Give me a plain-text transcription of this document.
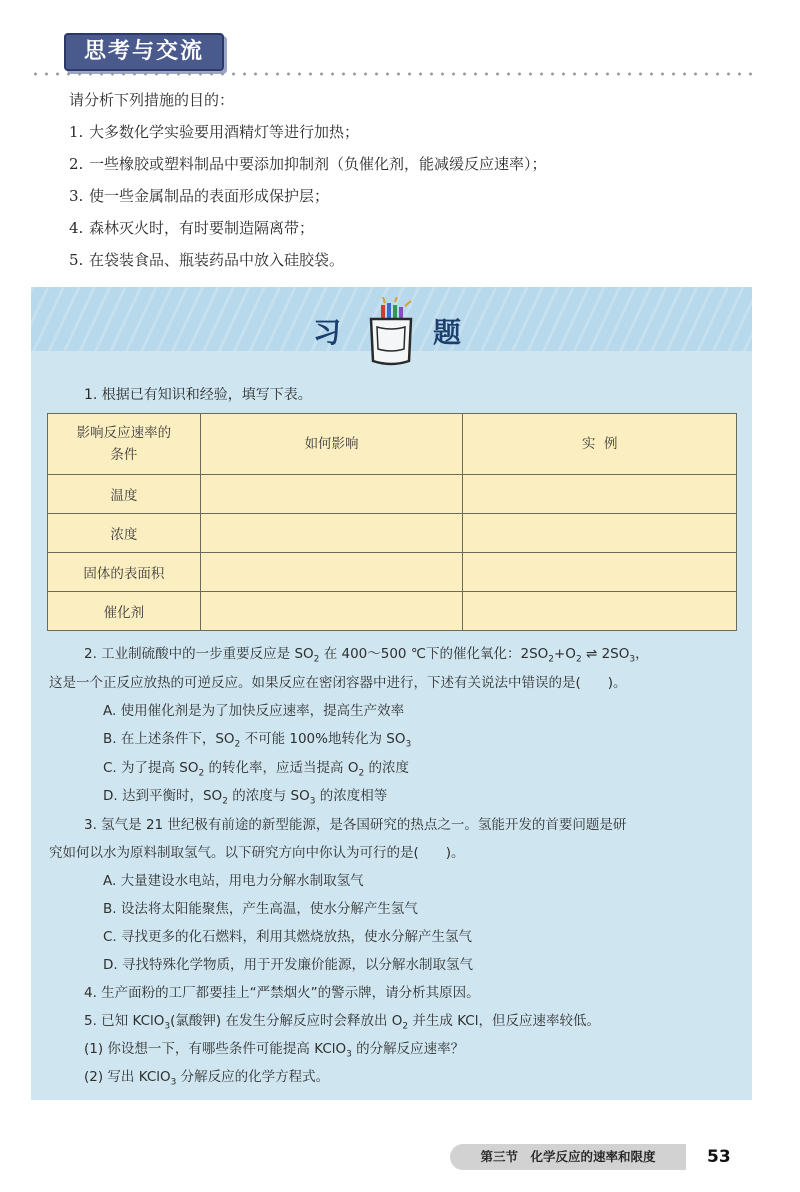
思考与交流
请分析下列措施的目的：
1. 大多数化学实验要用酒精灯等进行加热；
2. 一些橡胶或塑料制品中要添加抑制剂（负催化剂，能减缓反应速率）；
3. 使一些金属制品的表面形成保护层；
4. 森林灭火时，有时要制造隔离带；
5. 在袋装食品、瓶装药品中放入硅胶袋。
习	题
1. 根据已有知识和经验，填写下表。
影响反应速率的
条件	如何影响	实  例
温度		
浓度		
固体的表面积		
催化剂		
2. 工业制硫酸中的一步重要反应是 $SO_2$ 在 400～500 ℃下的催化氧化：$2SO_2+O_2$ ⇌ $2SO_3$，
这是一个正反应放热的可逆反应。如果反应在密闭容器中进行，下述有关说法中错误的是(　　)。
A. 使用催化剂是为了加快反应速率，提高生产效率
B. 在上述条件下，$SO_2$ 不可能 100%地转化为 $SO_3$
C. 为了提高 $SO_2$ 的转化率，应适当提高 $O_2$ 的浓度
D. 达到平衡时，$SO_2$ 的浓度与 $SO_3$ 的浓度相等
3. 氢气是 21 世纪极有前途的新型能源，是各国研究的热点之一。氢能开发的首要问题是研
究如何以水为原料制取氢气。以下研究方向中你认为可行的是(　　)。
A. 大量建设水电站，用电力分解水制取氢气
B. 设法将太阳能聚焦，产生高温，使水分解产生氢气
C. 寻找更多的化石燃料，利用其燃烧放热，使水分解产生氢气
D. 寻找特殊化学物质，用于开发廉价能源，以分解水制取氢气
4. 生产面粉的工厂都要挂上“严禁烟火”的警示牌，请分析其原因。
5. 已知 KClO$_3$(氯酸钾) 在发生分解反应时会释放出 $O_2$ 并生成 KCl，但反应速率较低。
(1) 你设想一下，有哪些条件可能提高 KClO$_3$ 的分解反应速率？
(2) 写出 KClO$_3$ 分解反应的化学方程式。
第三节　化学反应的速率和限度	53
